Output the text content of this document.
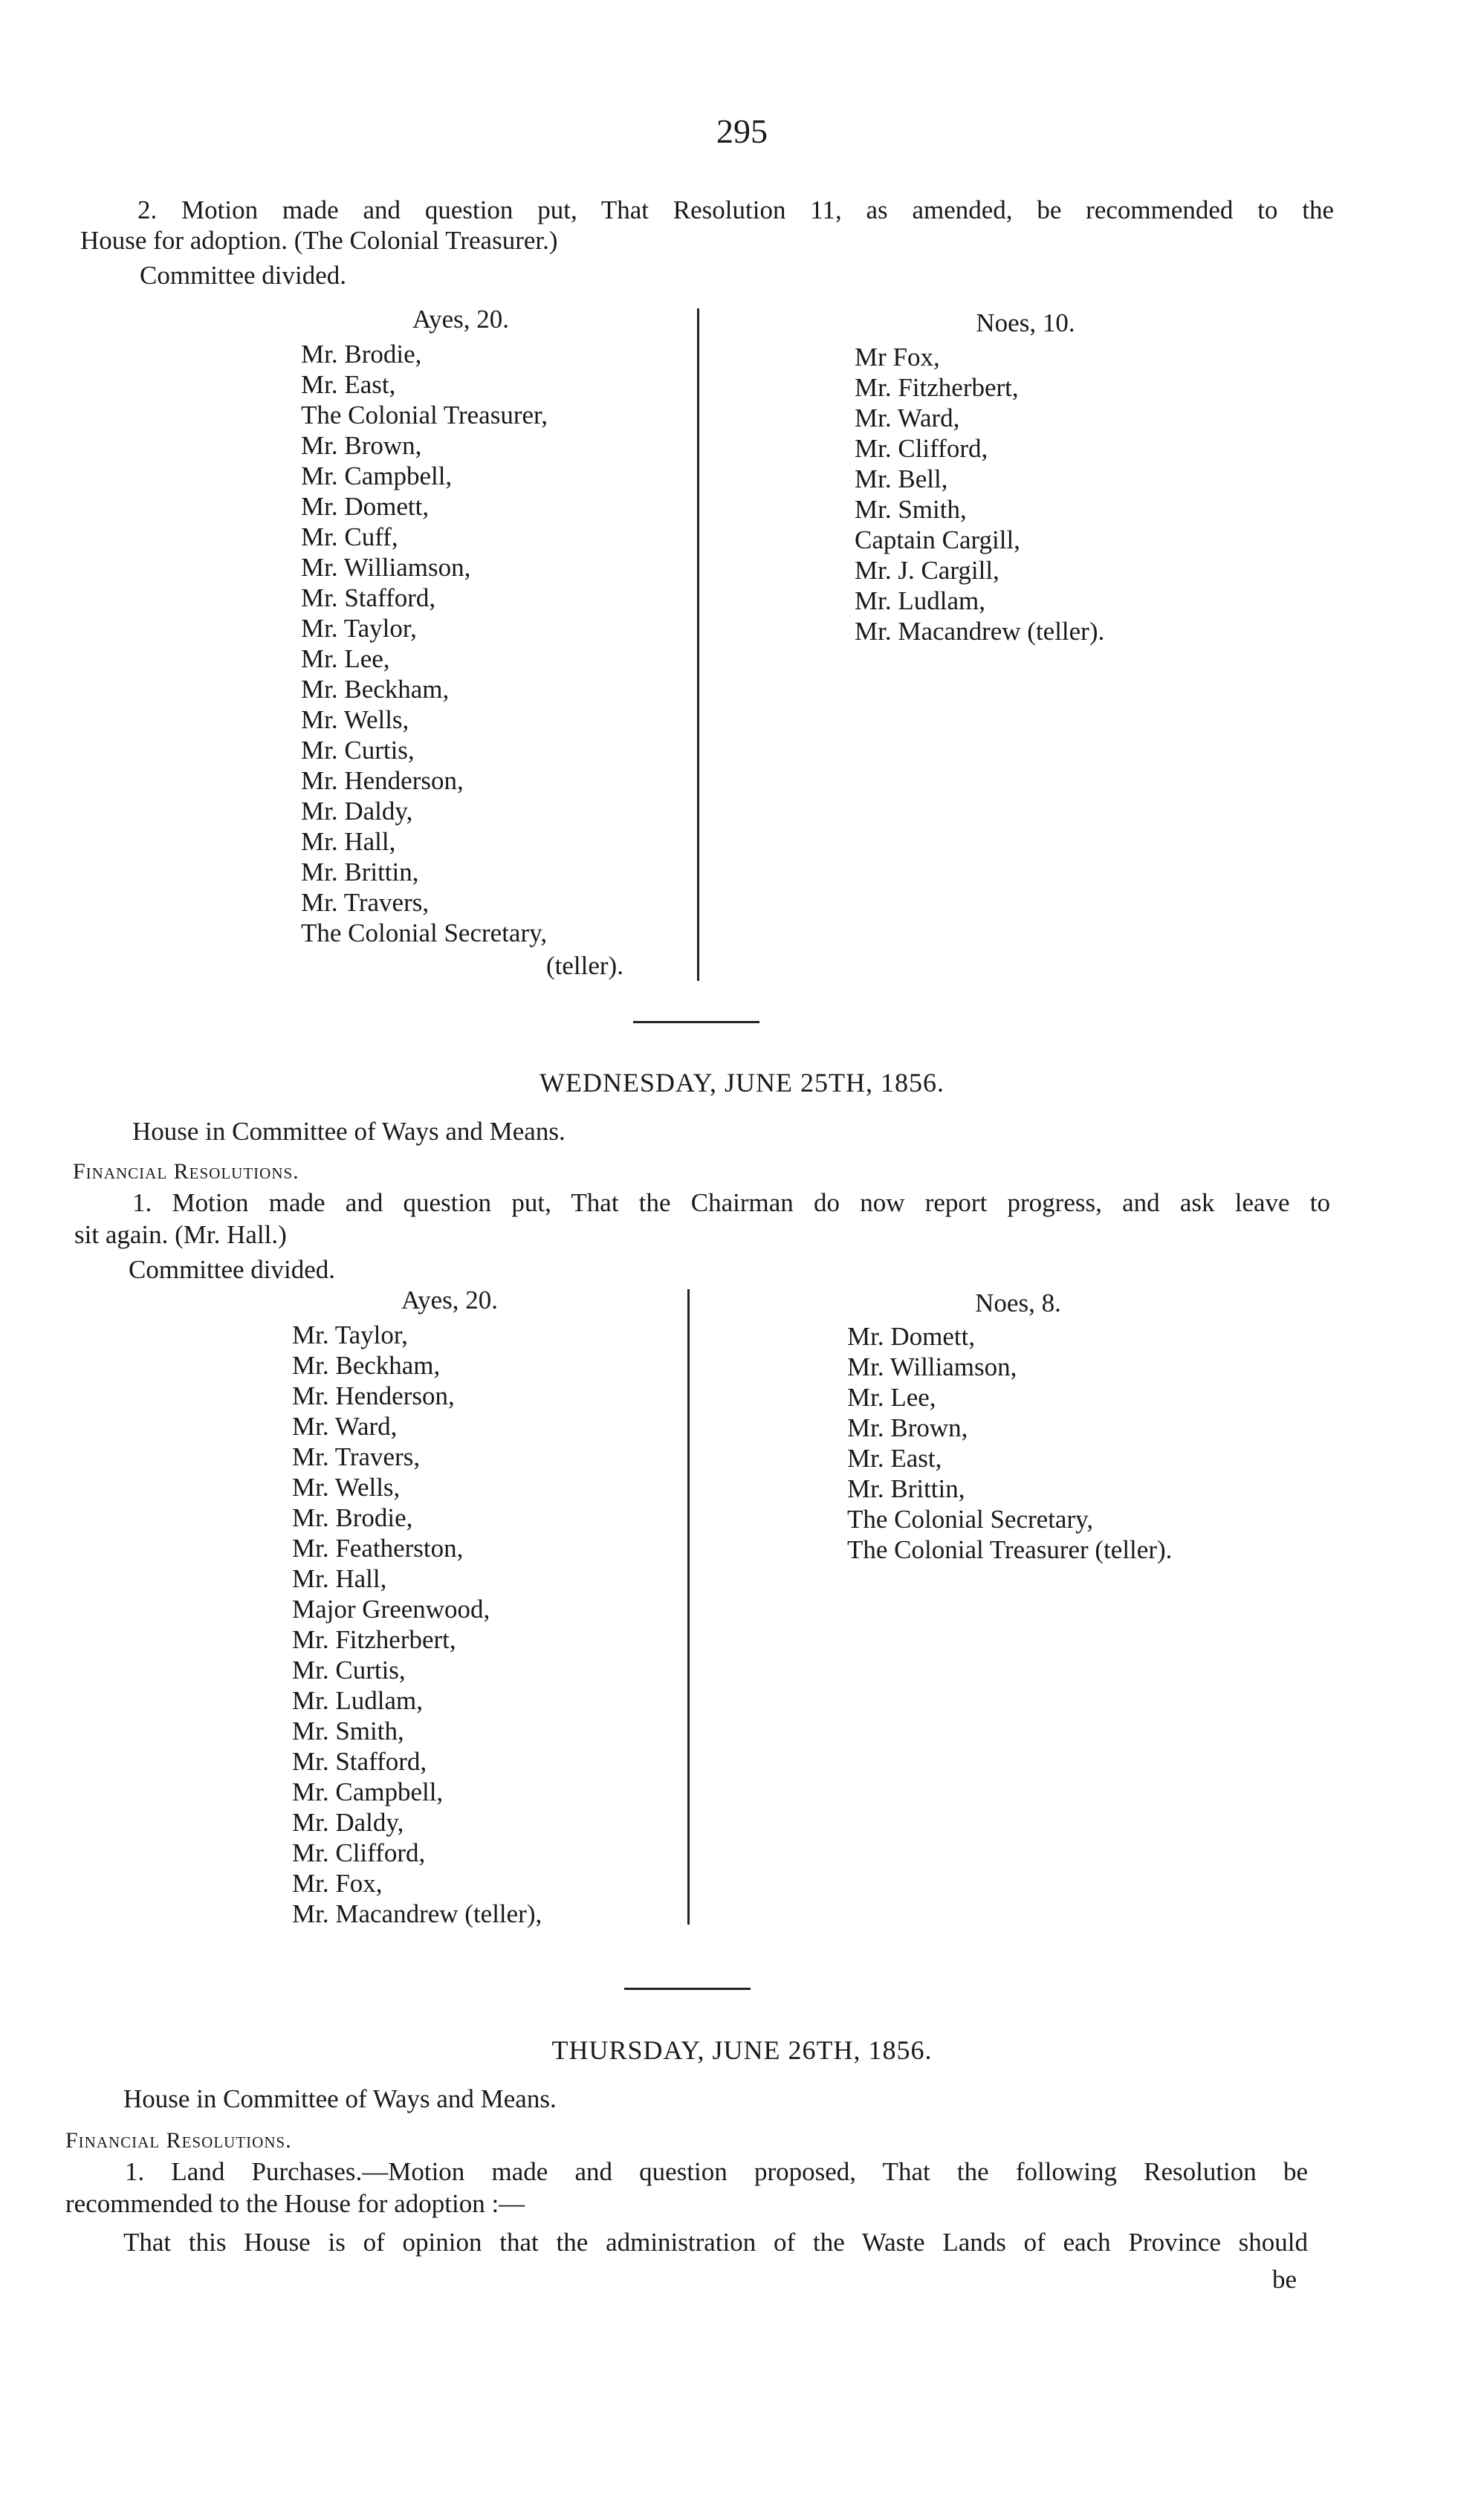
295
2. Motion made and question put, That Resolution 11, as amended, be recommended to the
House for adoption. (The Colonial Treasurer.)
Committee divided.
Ayes, 20.	Noes, 10.
Mr. Brodie,
Mr. East,
The Colonial Treasurer,
Mr. Brown,
Mr. Campbell,
Mr. Domett,
Mr. Cuff,
Mr. Williamson,
Mr. Stafford,
Mr. Taylor,
Mr. Lee,
Mr. Beckham,
Mr. Wells,
Mr. Curtis,
Mr. Henderson,
Mr. Daldy,
Mr. Hall,
Mr. Brittin,
Mr. Travers,
The Colonial Secretary,
(teller).
Mr Fox,
Mr. Fitzherbert,
Mr. Ward,
Mr. Clifford,
Mr. Bell,
Mr. Smith,
Captain Cargill,
Mr. J. Cargill,
Mr. Ludlam,
Mr. Macandrew (teller).
WEDNESDAY, JUNE 25TH, 1856.
House in Committee of Ways and Means.
Financial Resolutions.
1. Motion made and question put, That the Chairman do now report progress, and ask leave to
sit again. (Mr. Hall.)
Committee divided.
Ayes, 20.	Noes, 8.
Mr. Taylor,
Mr. Beckham,
Mr. Henderson,
Mr. Ward,
Mr. Travers,
Mr. Wells,
Mr. Brodie,
Mr. Featherston,
Mr. Hall,
Major Greenwood,
Mr. Fitzherbert,
Mr. Curtis,
Mr. Ludlam,
Mr. Smith,
Mr. Stafford,
Mr. Campbell,
Mr. Daldy,
Mr. Clifford,
Mr. Fox,
Mr. Macandrew (teller),
Mr. Domett,
Mr. Williamson,
Mr. Lee,
Mr. Brown,
Mr. East,
Mr. Brittin,
The Colonial Secretary,
The Colonial Treasurer (teller).
THURSDAY, JUNE 26TH, 1856.
House in Committee of Ways and Means.
Financial Resolutions.
1. Land Purchases.—Motion made and question proposed, That the following Resolution be
recommended to the House for adoption :—
That this House is of opinion that the administration of the Waste Lands of each Province should
be
